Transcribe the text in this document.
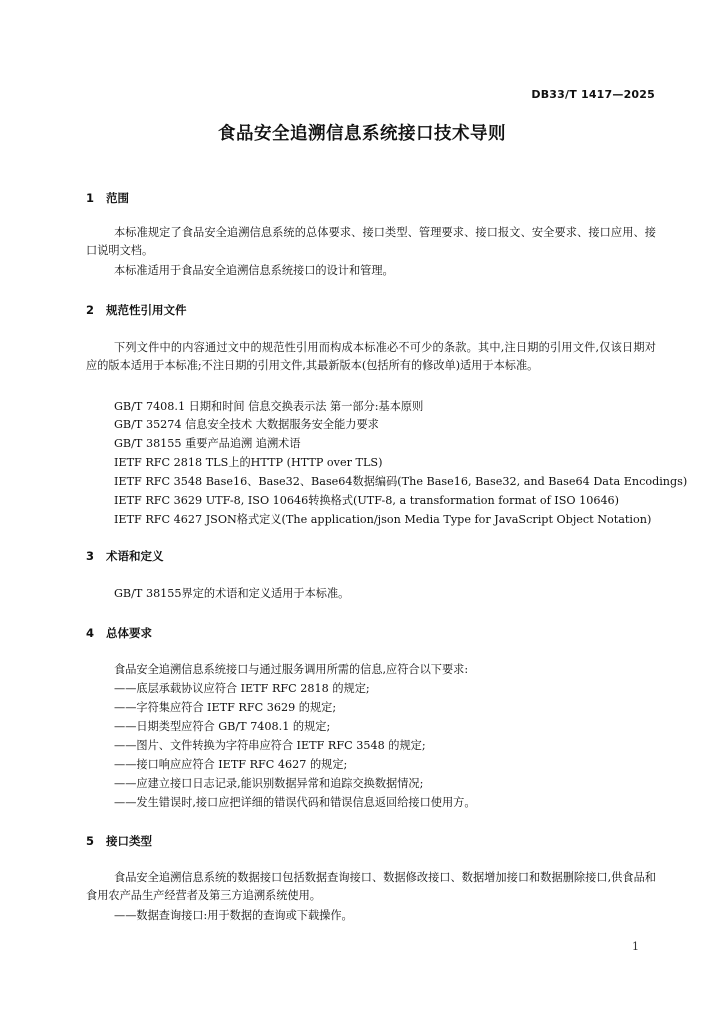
DB33/T 1417—2025
食品安全追溯信息系统接口技术导则
1 范围
本标准规定了食品安全追溯信息系统的总体要求、接口类型、管理要求、接口报文、安全要求、接口应用、接口说明文档。
本标准适用于食品安全追溯信息系统接口的设计和管理。
2 规范性引用文件
下列文件中的内容通过文中的规范性引用而构成本标准必不可少的条款。其中,注日期的引用文件,仅该日期对应的版本适用于本标准;不注日期的引用文件,其最新版本(包括所有的修改单)适用于本标准。
GB/T 7408.1 日期和时间 信息交换表示法 第一部分:基本原则
GB/T 35274 信息安全技术 大数据服务安全能力要求
GB/T 38155 重要产品追溯 追溯术语
IETF RFC 2818 TLS上的HTTP (HTTP over TLS)
IETF RFC 3548 Base16、Base32、Base64数据编码(The Base16, Base32, and Base64 Data Encodings)
IETF RFC 3629 UTF-8, ISO 10646转换格式(UTF-8, a transformation format of ISO 10646)
IETF RFC 4627 JSON格式定义(The application/json Media Type for JavaScript Object Notation)
3 术语和定义
GB/T 38155界定的术语和定义适用于本标准。
4 总体要求
食品安全追溯信息系统接口与通过服务调用所需的信息,应符合以下要求:
——底层承载协议应符合 IETF RFC 2818 的规定;
——字符集应符合 IETF RFC 3629 的规定;
——日期类型应符合 GB/T 7408.1 的规定;
——图片、文件转换为字符串应符合 IETF RFC 3548 的规定;
——接口响应应符合 IETF RFC 4627 的规定;
——应建立接口日志记录,能识别数据异常和追踪交换数据情况;
——发生错误时,接口应把详细的错误代码和错误信息返回给接口使用方。
5 接口类型
食品安全追溯信息系统的数据接口包括数据查询接口、数据修改接口、数据增加接口和数据删除接口,供食品和食用农产品生产经营者及第三方追溯系统使用。
——数据查询接口:用于数据的查询或下载操作。
1
